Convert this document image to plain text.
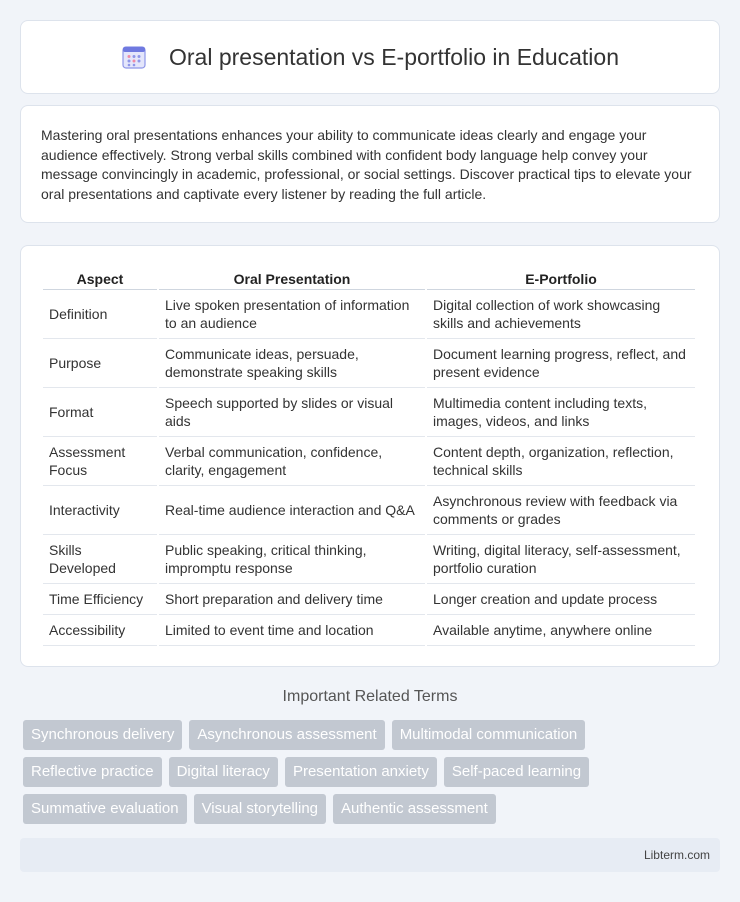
Oral presentation vs E-portfolio in Education

Mastering oral presentations enhances your ability to communicate ideas clearly and engage your audience effectively. Strong verbal skills combined with confident body language help convey your message convincingly in academic, professional, or social settings. Discover practical tips to elevate your oral presentations and captivate every listener by reading the full article.

Aspect	Oral Presentation	E-Portfolio
Definition	Live spoken presentation of information to an audience	Digital collection of work showcasing skills and achievements
Purpose	Communicate ideas, persuade, demonstrate speaking skills	Document learning progress, reflect, and present evidence
Format	Speech supported by slides or visual aids	Multimedia content including texts, images, videos, and links
Assessment Focus	Verbal communication, confidence, clarity, engagement	Content depth, organization, reflection, technical skills
Interactivity	Real-time audience interaction and Q&A	Asynchronous review with feedback via comments or grades
Skills Developed	Public speaking, critical thinking, impromptu response	Writing, digital literacy, self-assessment, portfolio curation
Time Efficiency	Short preparation and delivery time	Longer creation and update process
Accessibility	Limited to event time and location	Available anytime, anywhere online
Important Related Terms
Synchronous delivery	Asynchronous assessment	Multimodal communication
Reflective practice	Digital literacy	Presentation anxiety	Self-paced learning
Summative evaluation	Visual storytelling	Authentic assessment
Libterm.com
